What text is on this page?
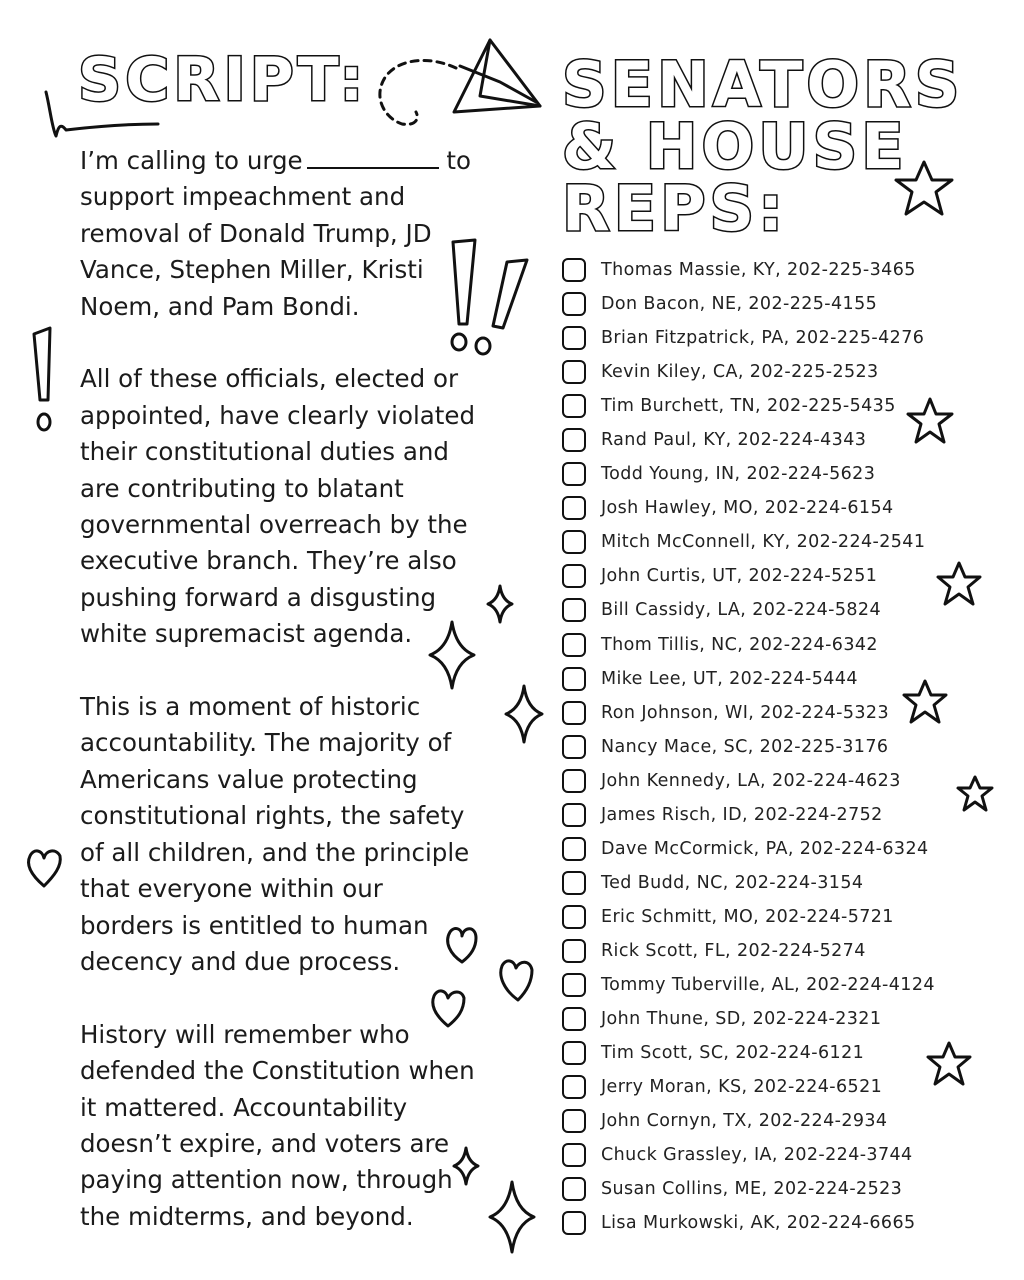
SCRIPT:

I’m calling to urge	to support impeachment and removal of Donald Trump, JD Vance, Stephen Miller, Kristi Noem, and Pam Bondi.

All of these officials, elected or appointed, have clearly violated their constitutional duties and are contributing to blatant governmental overreach by the executive branch. They’re also pushing forward a disgusting white supremacist agenda.

This is a moment of historic accountability. The majority of Americans value protecting constitutional rights, the safety of all children, and the principle that everyone within our borders is entitled to human decency and due process.

History will remember who defended the Constitution when it mattered. Accountability doesn’t expire, and voters are paying attention now, through the midterms, and beyond.

SENATORS
& HOUSE
REPS:
Thomas Massie, KY, 202-225-3465
Don Bacon, NE, 202-225-4155
Brian Fitzpatrick, PA, 202-225-4276
Kevin Kiley, CA, 202-225-2523
Tim Burchett, TN, 202-225-5435
Rand Paul, KY, 202-224-4343
Todd Young, IN, 202-224-5623
Josh Hawley, MO, 202-224-6154
Mitch McConnell, KY, 202-224-2541
John Curtis, UT, 202-224-5251
Bill Cassidy, LA, 202-224-5824
Thom Tillis, NC, 202-224-6342
Mike Lee, UT, 202-224-5444
Ron Johnson, WI, 202-224-5323
Nancy Mace, SC, 202-225-3176
John Kennedy, LA, 202-224-4623
James Risch, ID, 202-224-2752
Dave McCormick, PA, 202-224-6324
Ted Budd, NC, 202-224-3154
Eric Schmitt, MO, 202-224-5721
Rick Scott, FL, 202-224-5274
Tommy Tuberville, AL, 202-224-4124
John Thune, SD, 202-224-2321
Tim Scott, SC, 202-224-6121
Jerry Moran, KS, 202-224-6521
John Cornyn, TX, 202-224-2934
Chuck Grassley, IA, 202-224-3744
Susan Collins, ME, 202-224-2523
Lisa Murkowski, AK, 202-224-6665
